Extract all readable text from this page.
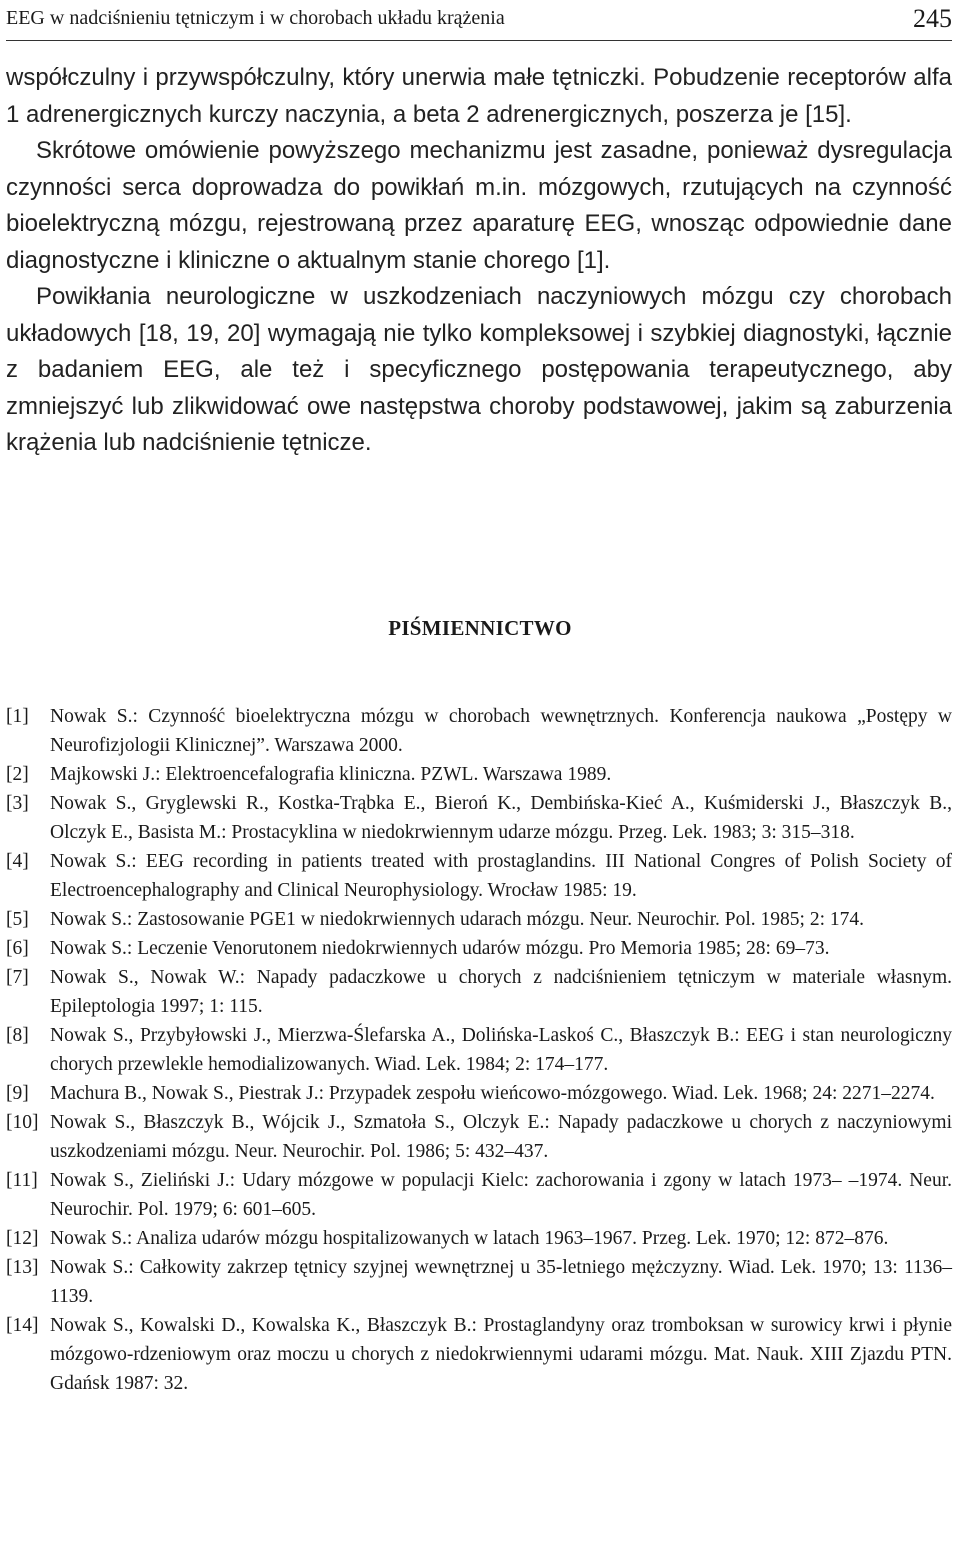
EEG w nadciśnieniu tętniczym i w chorobach układu krążenia	245

współczulny i przywspółczulny, który unerwia małe tętniczki. Pobudzenie receptorów alfa 1 adrenergicznych kurczy naczynia, a beta 2 adrenergicznych, poszerza je [15].

Skrótowe omówienie powyższego mechanizmu jest zasadne, ponieważ dysregulacja czynności serca doprowadza do powikłań m.in. mózgowych, rzutujących na czynność bioelektryczną mózgu, rejestrowaną przez aparaturę EEG, wnosząc odpowiednie dane diagnostyczne i kliniczne o aktualnym stanie chorego [1].

Powikłania neurologiczne w uszkodzeniach naczyniowych mózgu czy chorobach układowych [18, 19, 20] wymagają nie tylko kompleksowej i szybkiej diagnostyki, łącznie z badaniem EEG, ale też i specyficznego postępowania terapeutycznego, aby zmniejszyć lub zlikwidować owe następstwa choroby podstawowej, jakim są zaburzenia krążenia lub nadciśnienie tętnicze.

PIŚMIENNICTWO
[1] Nowak S.: Czynność bioelektryczna mózgu w chorobach wewnętrznych. Konferencja naukowa „Postępy w Neurofizjologii Klinicznej”. Warszawa 2000.
[2] Majkowski J.: Elektroencefalografia kliniczna. PZWL. Warszawa 1989.
[3] Nowak S., Gryglewski R., Kostka-Trąbka E., Bieroń K., Dembińska-Kieć A., Kuśmiderski J., Błaszczyk B., Olczyk E., Basista M.: Prostacyklina w niedokrwiennym udarze mózgu. Przeg. Lek. 1983; 3: 315–318.
[4] Nowak S.: EEG recording in patients treated with prostaglandins. III National Congres of Polish Society of Electroencephalography and Clinical Neurophysiology. Wrocław 1985: 19.
[5] Nowak S.: Zastosowanie PGE1 w niedokrwiennych udarach mózgu. Neur. Neurochir. Pol. 1985; 2: 174.
[6] Nowak S.: Leczenie Venorutonem niedokrwiennych udarów mózgu. Pro Memoria 1985; 28: 69–73.
[7] Nowak S., Nowak W.: Napady padaczkowe u chorych z nadciśnieniem tętniczym w materiale własnym. Epileptologia 1997; 1: 115.
[8] Nowak S., Przybyłowski J., Mierzwa-Ślefarska A., Dolińska-Laskoś C., Błaszczyk B.: EEG i stan neurologiczny chorych przewlekle hemodializowanych. Wiad. Lek. 1984; 2: 174–177.
[9] Machura B., Nowak S., Piestrak J.: Przypadek zespołu wieńcowo-mózgowego. Wiad. Lek. 1968; 24: 2271–2274.
[10] Nowak S., Błaszczyk B., Wójcik J., Szmatoła S., Olczyk E.: Napady padaczkowe u chorych z naczyniowymi uszkodzeniami mózgu. Neur. Neurochir. Pol. 1986; 5: 432–437.
[11] Nowak S., Zieliński J.: Udary mózgowe w populacji Kielc: zachorowania i zgony w latach 1973– –1974. Neur. Neurochir. Pol. 1979; 6: 601–605.
[12] Nowak S.: Analiza udarów mózgu hospitalizowanych w latach 1963–1967. Przeg. Lek. 1970; 12: 872–876.
[13] Nowak S.: Całkowity zakrzep tętnicy szyjnej wewnętrznej u 35-letniego mężczyzny. Wiad. Lek. 1970; 13: 1136–1139.
[14] Nowak S., Kowalski D., Kowalska K., Błaszczyk B.: Prostaglandyny oraz tromboksan w surowicy krwi i płynie mózgowo-rdzeniowym oraz moczu u chorych z niedokrwiennymi udarami mózgu. Mat. Nauk. XIII Zjazdu PTN. Gdańsk 1987: 32.
